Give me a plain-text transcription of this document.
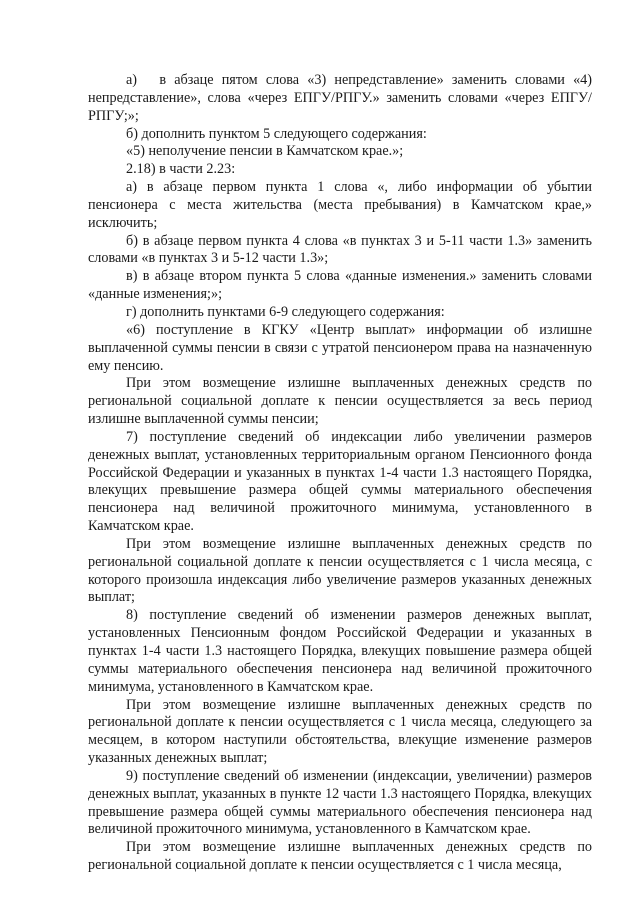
а)  в абзаце пятом слова «3) непредставление» заменить словами «4) непредставление», слова «через ЕПГУ/РПГУ.» заменить словами «через ЕПГУ/РПГУ;»;

б) дополнить пунктом 5 следующего содержания:

«5) неполучение пенсии в Камчатском крае.»;

2.18) в части 2.23:

а) в абзаце первом пункта 1 слова «, либо информации об убытии пенсионера с места жительства (места пребывания) в Камчатском крае,» исключить;

б) в абзаце первом пункта 4 слова «в пунктах 3 и 5-11 части 1.3» заменить словами «в пунктах 3 и 5-12 части 1.3»;

в) в абзаце втором пункта 5 слова «данные изменения.» заменить словами «данные изменения;»;

г) дополнить пунктами 6-9 следующего содержания:

«6) поступление в КГКУ «Центр выплат» информации об излишне выплаченной суммы пенсии в связи с утратой пенсионером права на назначенную ему пенсию.

При этом возмещение излишне выплаченных денежных средств по региональной социальной доплате к пенсии осуществляется за весь период излишне выплаченной суммы пенсии;

7) поступление сведений об индексации либо увеличении размеров денежных выплат, установленных территориальным органом Пенсионного фонда Российской Федерации и указанных в пунктах 1-4 части 1.3 настоящего Порядка, влекущих превышение размера общей суммы материального обеспечения пенсионера над величиной прожиточного минимума, установленного в Камчатском крае.

При этом возмещение излишне выплаченных денежных средств по региональной социальной доплате к пенсии осуществляется с 1 числа месяца, с которого произошла индексация либо увеличение размеров указанных денежных выплат;

8) поступление сведений об изменении размеров денежных выплат, установленных Пенсионным фондом Российской Федерации и указанных в пунктах 1-4 части 1.3 настоящего Порядка, влекущих повышение размера общей суммы материального обеспечения пенсионера над величиной прожиточного минимума, установленного в Камчатском крае.

При этом возмещение излишне выплаченных денежных средств по региональной доплате к пенсии осуществляется с 1 числа месяца, следующего за месяцем, в котором наступили обстоятельства, влекущие изменение размеров указанных денежных выплат;

9) поступление сведений об изменении (индексации, увеличении) размеров денежных выплат, указанных в пункте 12 части 1.3 настоящего Порядка, влекущих превышение размера общей суммы материального обеспечения пенсионера над величиной прожиточного минимума, установленного в Камчатском крае.

При этом возмещение излишне выплаченных денежных средств по региональной социальной доплате к пенсии осуществляется с 1 числа месяца,
